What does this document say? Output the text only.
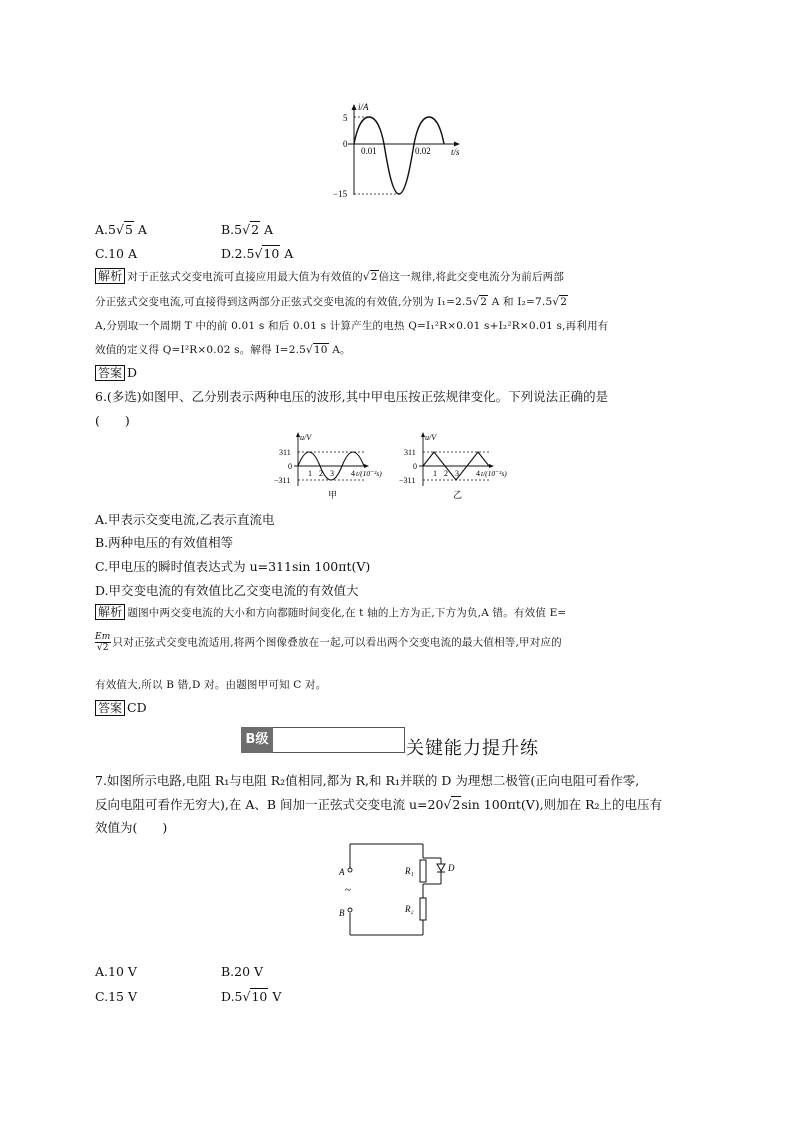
i/A
t/s
5
0
−15
0.01	0.02
A.5√5 A	B.5√2 A
C.10 A	D.2.5√10 A
解析 对于正弦式交变电流可直接应用最大值为有效值的√2倍这一规律,将此交变电流分为前后两部
分正弦式交变电流,可直接得到这两部分正弦式交变电流的有效值,分别为 I₁=2.5√2 A 和 I₂=7.5√2
A,分别取一个周期 T 中的前 0.01 s 和后 0.01 s 计算产生的电热 Q=I₁²R×0.01 s+I₂²R×0.01 s,再利用有
效值的定义得 Q=I²R×0.02 s。解得 I=2.5√10 A。
答案 D
6.(多选)如图甲、乙分别表示两种电压的波形,其中甲电压按正弦规律变化。下列说法正确的是
(　　)
u/V
311
0
−311
1 2 3 4 t/(10⁻²s)
甲
u/V
311
0
−311
1 2 3 4 t/(10⁻²s)
乙
A.甲表示交变电流,乙表示直流电
B.两种电压的有效值相等
C.甲电压的瞬时值表达式为 u=311sin 100πt(V)
D.甲交变电流的有效值比乙交变电流的有效值大
解析 题图中两交变电流的大小和方向都随时间变化,在 t 轴的上方为正,下方为负,A 错。有效值 E=
$\frac{Em}{√2}$ 只对正弦式交变电流适用,将两个图像叠放在一起,可以看出两个交变电流的最大值相等,甲对应的
有效值大,所以 B 错,D 对。由题图甲可知 C 对。
答案 CD
B级	关键能力提升练
7.如图所示电路,电阻 R₁与电阻 R₂值相同,都为 R,和 R₁并联的 D 为理想二极管(正向电阻可看作零,
反向电阻可看作无穷大),在 A、B 间加一正弦式交变电流 u=20√2sin 100πt(V),则加在 R₂上的电压有
效值为(　　)
A
B
~
R₁
R₂
D
A.10 V	B.20 V
C.15 V	D.5√10 V
